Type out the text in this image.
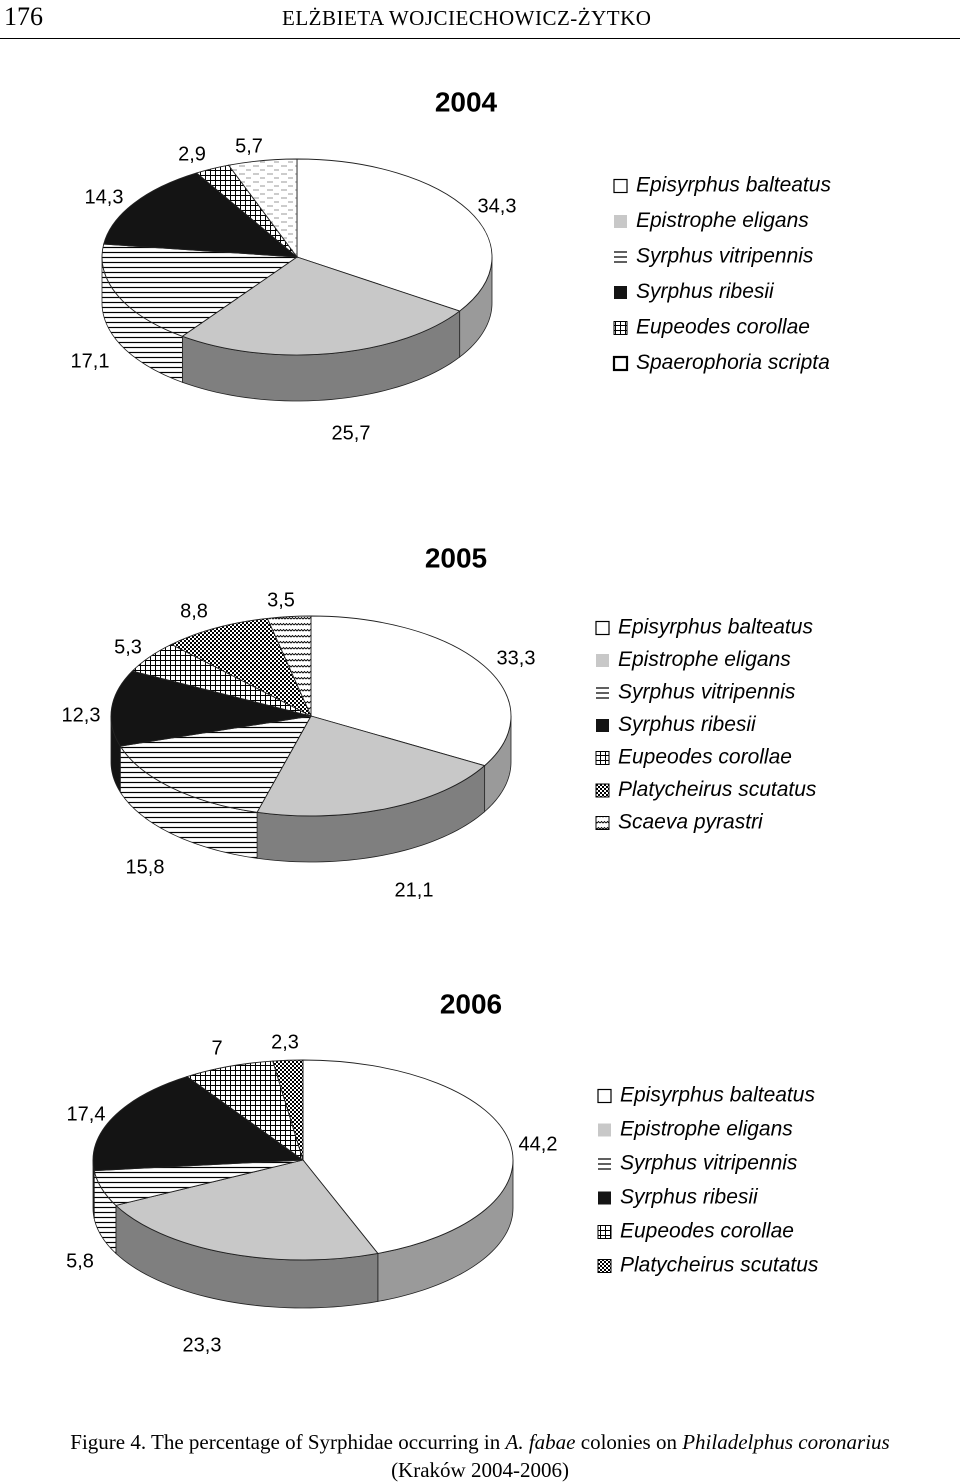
176	ELŻBIETA WOJCIECHOWICZ-ŻYTKO
34,3
25,7
17,1
14,3
2,9 5,7
2004
Episyrphus balteatus
Epistrophe eligans
Syrphus vitripennis
Syrphus ribesii
Eupeodes corollae
Spaerophoria scripta
33,3
21,1
15,8
12,3
5,3
8,8	3,5
2005
Episyrphus balteatus
Epistrophe eligans
Syrphus vitripennis
Syrphus ribesii
Eupeodes corollae
Platycheirus scutatus
Scaeva pyrastri
44,2
23,3
5,8
17,4
7 2,3
2006
Episyrphus balteatus
Epistrophe eligans
Syrphus vitripennis
Syrphus ribesii
Eupeodes corollae
Platycheirus scutatus
Figure 4. The percentage of Syrphidae occurring in A. fabae colonies on Philadelphus coronarius
(Kraków 2004-2006)
